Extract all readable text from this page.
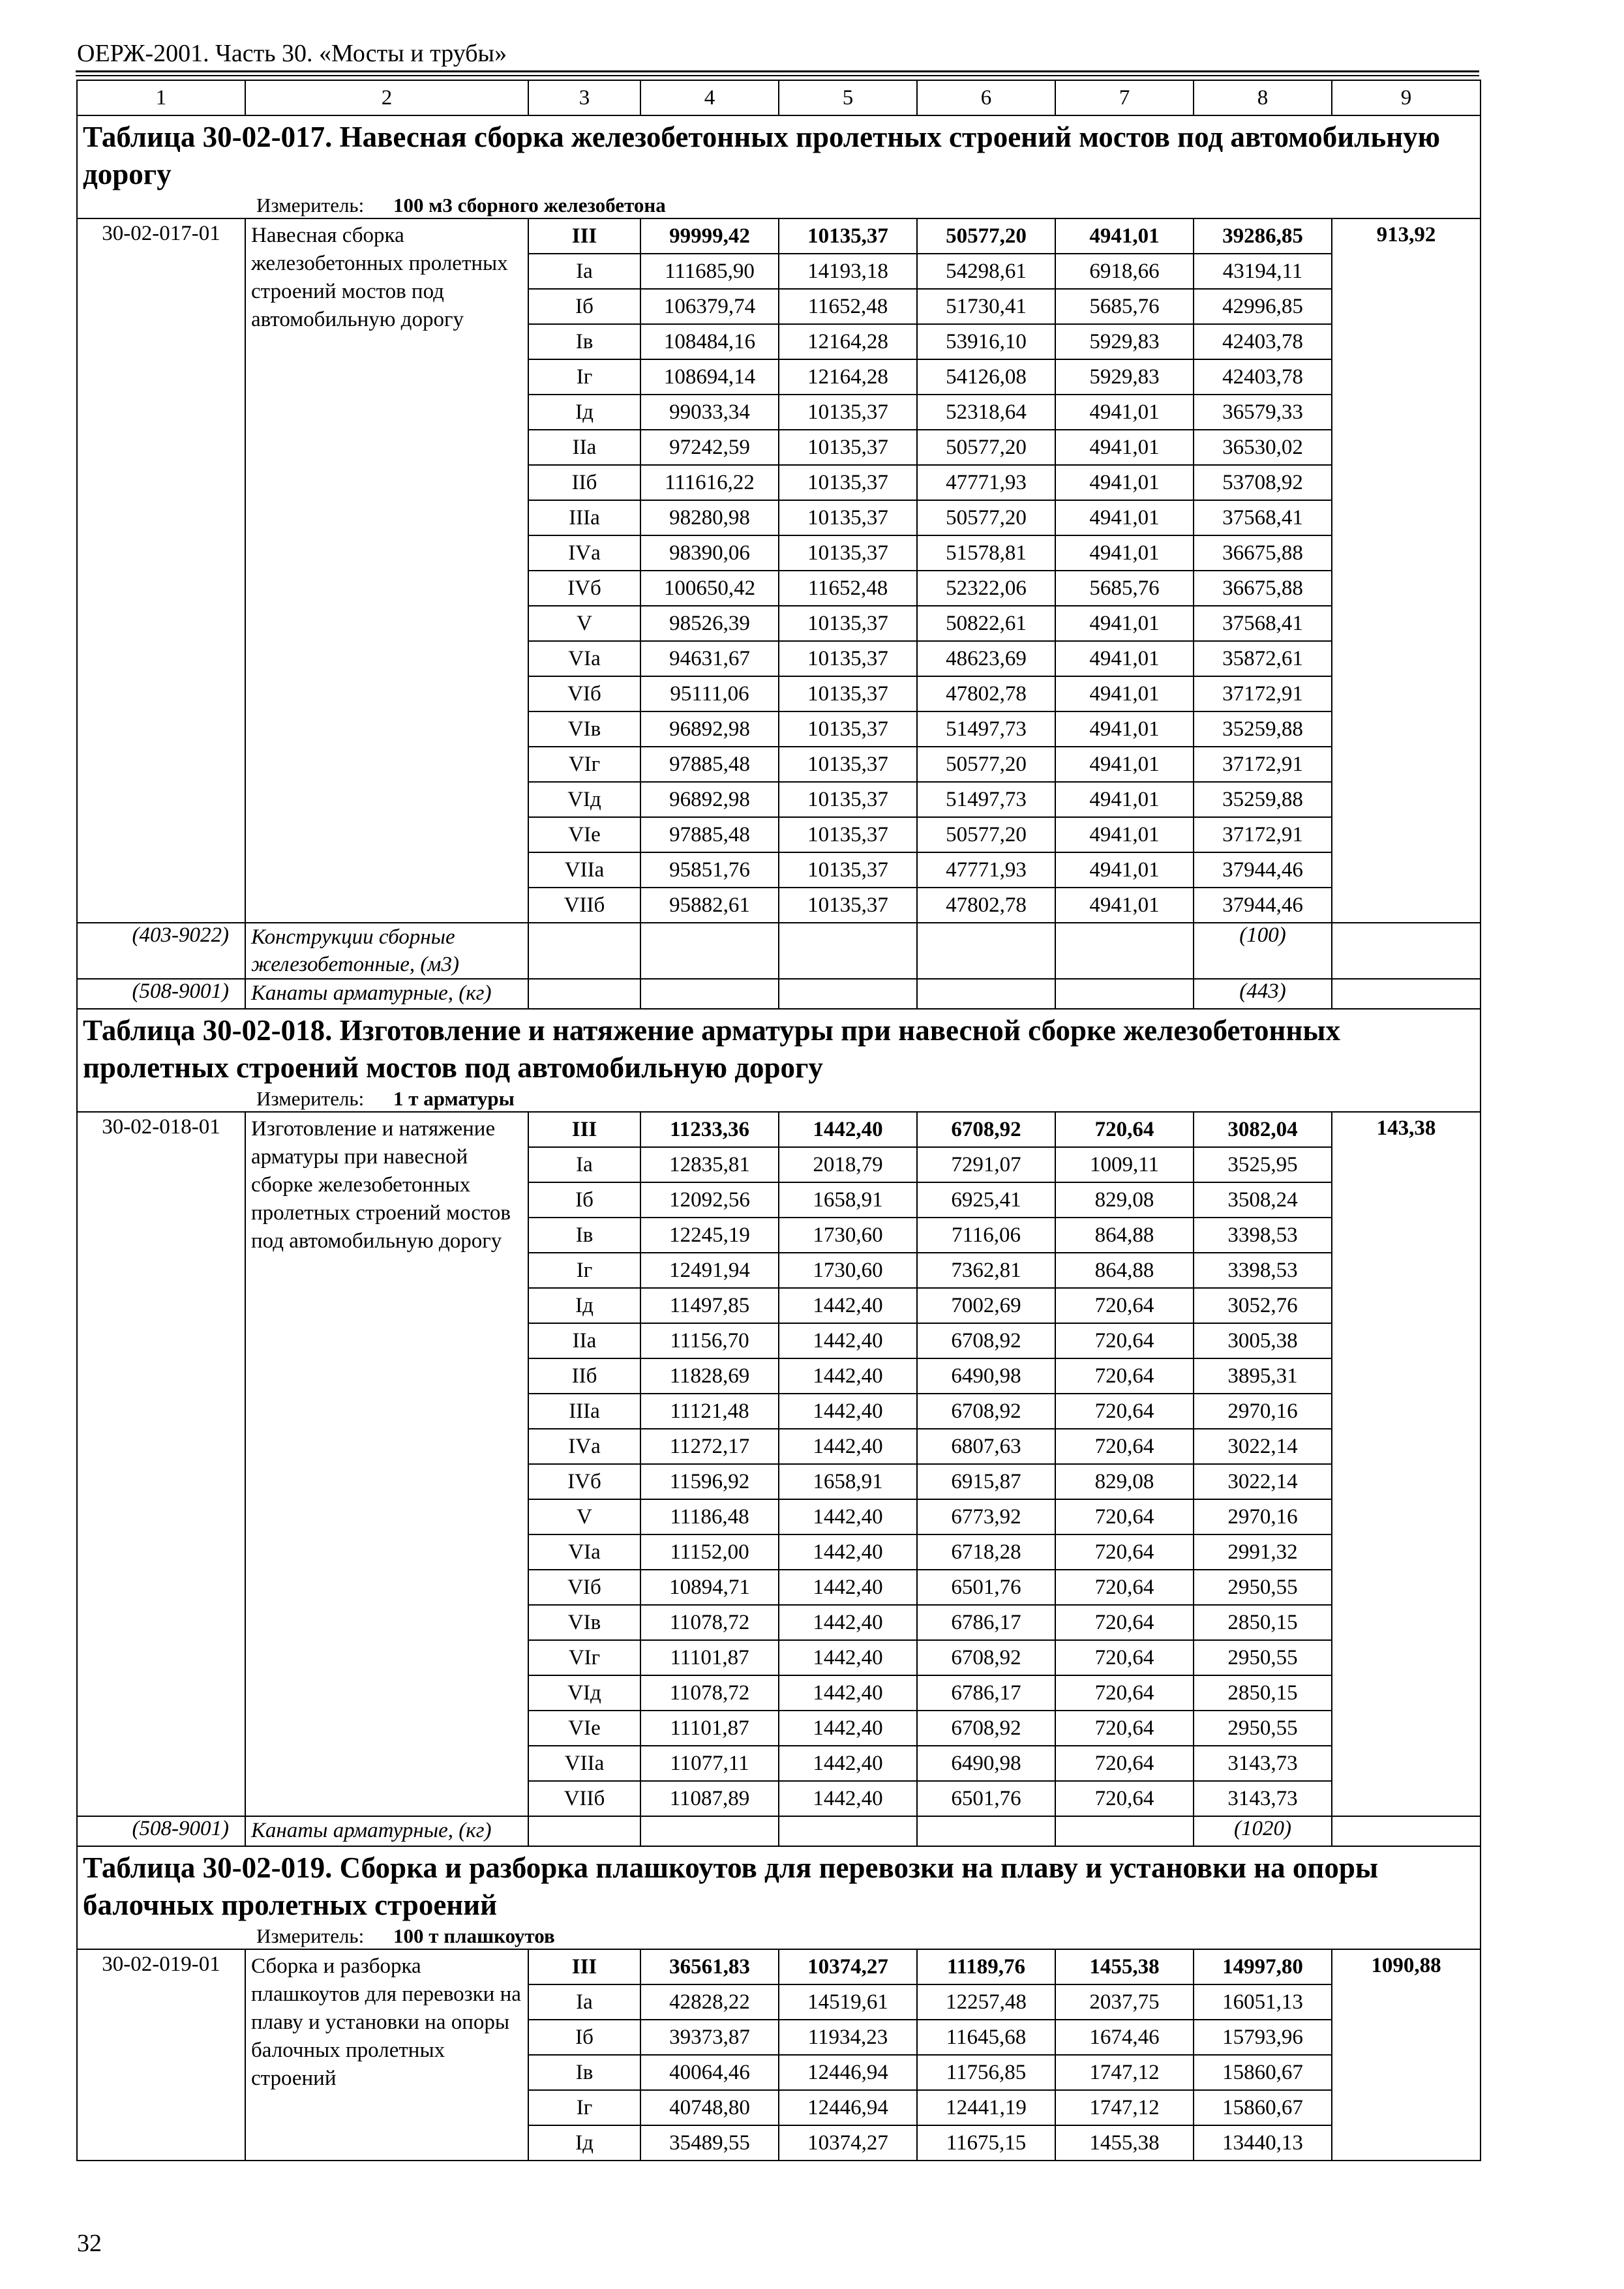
ОЕРЖ-2001. Часть 30. «Мосты и трубы»
1	2	3	4	5	6	7	8	9
Таблица 30-02-017. Навесная сборка железобетонных пролетных строений мостов под автомобильную дорогу								
Измеритель: 100 м3 сборного железобетона								
30-02-017-01	Навесная сборка железобетонных пролетных строений мостов под автомобильную дорогу	III	99999,42	10135,37	50577,20	4941,01	39286,85	913,92
		Iа	111685,90	14193,18	54298,61	6918,66	43194,11	
		Iб	106379,74	11652,48	51730,41	5685,76	42996,85	
		Iв	108484,16	12164,28	53916,10	5929,83	42403,78	
		Iг	108694,14	12164,28	54126,08	5929,83	42403,78	
		Iд	99033,34	10135,37	52318,64	4941,01	36579,33	
		IIа	97242,59	10135,37	50577,20	4941,01	36530,02	
		IIб	111616,22	10135,37	47771,93	4941,01	53708,92	
		IIIа	98280,98	10135,37	50577,20	4941,01	37568,41	
		IVа	98390,06	10135,37	51578,81	4941,01	36675,88	
		IVб	100650,42	11652,48	52322,06	5685,76	36675,88	
		V	98526,39	10135,37	50822,61	4941,01	37568,41	
		VIа	94631,67	10135,37	48623,69	4941,01	35872,61	
		VIб	95111,06	10135,37	47802,78	4941,01	37172,91	
		VIв	96892,98	10135,37	51497,73	4941,01	35259,88	
		VIг	97885,48	10135,37	50577,20	4941,01	37172,91	
		VIд	96892,98	10135,37	51497,73	4941,01	35259,88	
		VIе	97885,48	10135,37	50577,20	4941,01	37172,91	
		VIIа	95851,76	10135,37	47771,93	4941,01	37944,46	
		VIIб	95882,61	10135,37	47802,78	4941,01	37944,46	
(403-9022)	Конструкции сборные железобетонные, (м3)						(100)	
(508-9001)	Канаты арматурные, (кг)						(443)	
Таблица 30-02-018. Изготовление и натяжение арматуры при навесной сборке железобетонных пролетных строений мостов под автомобильную дорогу								
Измеритель: 1 т арматуры								
30-02-018-01	Изготовление и натяжение арматуры при навесной сборке железобетонных пролетных строений мостов под автомобильную дорогу	III	11233,36	1442,40	6708,92	720,64	3082,04	143,38
		Iа	12835,81	2018,79	7291,07	1009,11	3525,95	
		Iб	12092,56	1658,91	6925,41	829,08	3508,24	
		Iв	12245,19	1730,60	7116,06	864,88	3398,53	
		Iг	12491,94	1730,60	7362,81	864,88	3398,53	
		Iд	11497,85	1442,40	7002,69	720,64	3052,76	
		IIа	11156,70	1442,40	6708,92	720,64	3005,38	
		IIб	11828,69	1442,40	6490,98	720,64	3895,31	
		IIIа	11121,48	1442,40	6708,92	720,64	2970,16	
		IVа	11272,17	1442,40	6807,63	720,64	3022,14	
		IVб	11596,92	1658,91	6915,87	829,08	3022,14	
		V	11186,48	1442,40	6773,92	720,64	2970,16	
		VIа	11152,00	1442,40	6718,28	720,64	2991,32	
		VIб	10894,71	1442,40	6501,76	720,64	2950,55	
		VIв	11078,72	1442,40	6786,17	720,64	2850,15	
		VIг	11101,87	1442,40	6708,92	720,64	2950,55	
		VIд	11078,72	1442,40	6786,17	720,64	2850,15	
		VIе	11101,87	1442,40	6708,92	720,64	2950,55	
		VIIа	11077,11	1442,40	6490,98	720,64	3143,73	
		VIIб	11087,89	1442,40	6501,76	720,64	3143,73	
(508-9001)	Канаты арматурные, (кг)						(1020)	
Таблица 30-02-019. Сборка и разборка плашкоутов для перевозки на плаву и установки на опоры балочных пролетных строений								
Измеритель: 100 т плашкоутов								
30-02-019-01	Сборка и разборка плашкоутов для перевозки на плаву и установки на опоры балочных пролетных строений	III	36561,83	10374,27	11189,76	1455,38	14997,80	1090,88
		Iа	42828,22	14519,61	12257,48	2037,75	16051,13	
		Iб	39373,87	11934,23	11645,68	1674,46	15793,96	
		Iв	40064,46	12446,94	11756,85	1747,12	15860,67	
		Iг	40748,80	12446,94	12441,19	1747,12	15860,67	
		Iд	35489,55	10374,27	11675,15	1455,38	13440,13	
32
